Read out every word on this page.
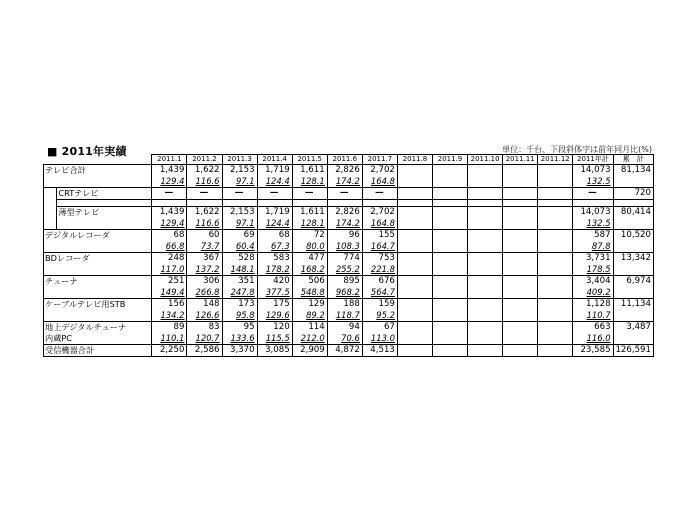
■ 2011年実績	単位：千台、下段斜体字は前年同月比(%)
		2011.1	2011.2	2011.3	2011.4	2011.5	2011.6	2011.7	2011.8	2011.9	2011.10	2011.11	2011.12	2011年計	累　計
テレビ合計		1,439	1,622	2,153	1,719	1,611	2,826	2,702						14,073	81,134
		129.4	116.6	97.1	124.4	128.1	174.2	164.8						132.5	
	CRTテレビ	—	—	—	—	—	—	—						—	720

	薄型テレビ	1,439	1,622	2,153	1,719	1,611	2,826	2,702						14,073	80,414
		129.4	116.6	97.1	124.4	128.1	174.2	164.8						132.5	
デジタルレコーダ		68	60	69	68	72	96	155						587	10,520
		66.8	73.7	60.4	67.3	80.0	108.3	164.7						87.8	
BDレコーダ		248	367	528	583	477	774	753						3,731	13,342
		117.0	137.2	148.1	178.2	168.2	255.2	221.8						178.5	
チューナ		251	306	351	420	506	895	676						3,404	6,974
		149.4	266.8	247.8	377.5	548.8	968.2	564.7						409.2	
ケーブルテレビ用STB		156	148	173	175	129	188	159						1,128	11,134
		134.2	126.6	95.8	129.6	89.2	118.7	95.2						110.7	

地上デジタルチューナ
内蔵PC		89	83	95	120	114	94	67						663	3,487
		110.1	120.7	133.6	115.5	212.0	70.6	113.0						116.0	
受信機器合計		2,250	2,586	3,370	3,085	2,909	4,872	4,513						23,585	126,591
